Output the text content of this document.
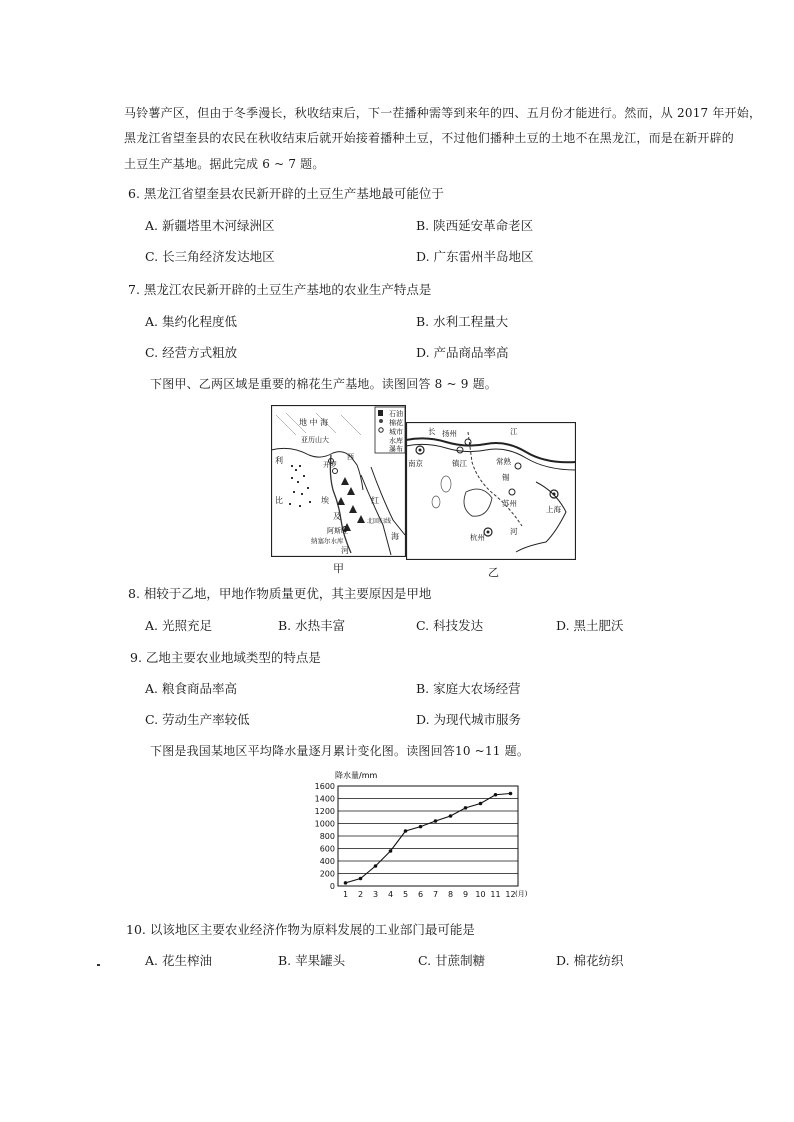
马铃薯产区，但由于冬季漫长，秋收结束后，下一茬播种需等到来年的四、五月份才能进行。然而，从 2017 年开始，
黑龙江省望奎县的农民在秋收结束后就开始接着播种土豆，不过他们播种土豆的土地不在黑龙江，而是在新开辟的
土豆生产基地。据此完成 6 ~ 7 题。
6. 黑龙江省望奎县农民新开辟的土豆生产基地最可能位于
A. 新疆塔里木河绿洲区	B. 陕西延安革命老区
C. 长三角经济发达地区	D. 广东雷州半岛地区
7. 黑龙江农民新开辟的土豆生产基地的农业生产特点是
A. 集约化程度低	B. 水利工程量大
C. 经营方式粗放	D. 产品商品率高
下图甲、乙两区域是重要的棉花生产基地。读图回答 8 ~ 9 题。
石油
棉花
城市
水库
瀑布
地 中 海
亚历山大
开罗
利
比	埃
及
阿斯旺
纳塞尔水库
红
海
河
西
北回归线
甲
南京
扬州
镇江	常熟
苏州
上海
杭州
江
长
锡
河
乙
8. 相较于乙地，甲地作物质量更优，其主要原因是甲地
A. 光照充足	B. 水热丰富	C. 科技发达	D. 黑土肥沃
9. 乙地主要农业地域类型的特点是
A. 粮食商品率高	B. 家庭大农场经营
C. 劳动生产率较低	D. 为现代城市服务
下图是我国某地区平均降水量逐月累计变化图。读图回答10 ~11 题。
降水量/mm
0
200
400
600
800
1000
1200
1400
1600
1 2 3 4 5 6 7 8 9 10 11 12 (月)
10. 以该地区主要农业经济作物为原料发展的工业部门最可能是
A. 花生榨油	B. 苹果罐头	C. 甘蔗制糖	D. 棉花纺织
